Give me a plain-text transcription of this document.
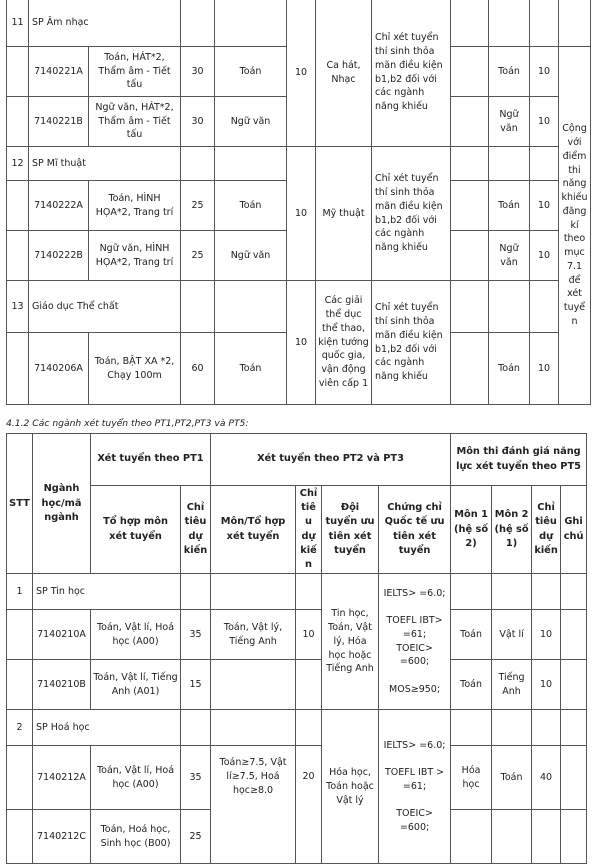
11	SP Âm nhạc				10	Ca hát, Nhạc	Chỉ xét tuyển thí sinh thỏa mãn điều kiện b1,b2 đối với các ngành năng khiếu				
	7140221A	Toán, HÁT*2, Thẩm âm - Tiết tấu	30	Toán					Toán	10	Cộng với điểm thi năng khiếu đăng kí theo mục 7.1 để xét tuyển
	7140221B	Ngữ văn, HÁT*2, Thẩm âm - Tiết tấu	30	Ngữ văn					Ngữ văn	10	
12	SP Mĩ thuật				10	Mỹ thuật	Chỉ xét tuyển thí sinh thỏa mãn điều kiện b1,b2 đối với các ngành năng khiếu				
	7140222A	Toán, HÌNH HỌA*2, Trang trí	25	Toán					Toán	10	
	7140222B	Ngữ văn, HÌNH HỌA*2, Trang trí	25	Ngữ văn					Ngữ văn	10	
13	Giáo dục Thể chất				10	Các giải thể dục thể thao, kiện tướng quốc gia, vận động viên cấp 1	Chỉ xét tuyển thí sinh thỏa mãn điều kiện b1,b2 đối với các ngành năng khiếu				
	7140206A	Toán, BẬT XA *2, Chạy 100m	60	Toán					Toán	10	
4.1.2 Các ngành xét tuyển theo PT1,PT2,PT3 và PT5:
STT	Ngành học/mã ngành	Xét tuyển theo PT1		Xét tuyển theo PT2 và PT3				Môn thi đánh giá năng lực xét tuyển theo PT5			
		Tổ hợp môn xét tuyển	Chỉ tiêu dự kiến	Môn/Tổ hợp xét tuyển	Chỉ tiêu dự kiến	Đội tuyển ưu tiên xét tuyển	Chứng chỉ Quốc tế ưu tiên xét tuyển	Môn 1 (hệ số 2)	Môn 2 (hệ số 1)	Chỉ tiêu dự kiến	Ghi chú
1	SP Tin học					Tin học, Toán, Vật lý, Hóa học hoặc Tiếng Anh	IELTS> =6.0;

TOEFL IBT> =61;
TOEIC> =600;

MOS≥950;				

	7140210A	Toán, Vật lí, Hoá học (A00)	35	Toán, Vật lý, Tiếng Anh	10			Toán	Vật lí	10	
	7140210B	Toán, Vật lí, Tiếng Anh (A01)	15					Toán	Tiếng Anh	10	
2	SP Hoá học					Hóa học, Toán hoặc Vật lý	IELTS> =6.0;

TOEFL IBT > =61;

TOEIC> =600;				

	7140212A	Toán, Vật lí, Hoá học (A00)	35	Toán≥7.5, Vật lí≥7.5, Hoá học≥8.0	20			Hóa học	Toán	40	
	7140212C	Toán, Hoá học, Sinh học (B00)	25								
